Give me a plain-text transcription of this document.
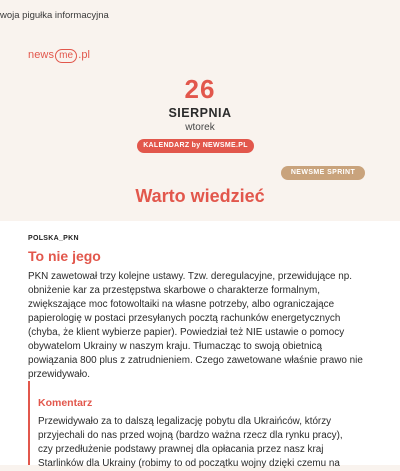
woja pigułka informacyjna
news me .pl
26
SIERPNIA
wtorek
KALENDARZ by NEWSME.PL
NEWSME SPRINT
Warto wiedzieć
POLSKA_PKN
To nie jego
PKN zawetował trzy kolejne ustawy. Tzw. deregulacyjne, przewidujące np.
obniżenie kar za przestępstwa skarbowe o charakterze formalnym,
zwiększające moc fotowoltaiki na własne potrzeby, albo ograniczające
papierologię w postaci przesyłanych pocztą rachunków energetycznych
(chyba, że klient wybierze papier). Powiedział też NIE ustawie o pomocy
obywatelom Ukrainy w naszym kraju. Tłumacząc to swoją obietnicą
powiązania 800 plus z zatrudnieniem. Czego zawetowane właśnie prawo nie
przewidywało.
Komentarz
Przewidywało za to dalszą legalizację pobytu dla Ukraińców, którzy
przyjechali do nas przed wojną (bardzo ważna rzecz dla rynku pracy),
czy przedłużenie podstawy prawnej dla opłacania przez nasz kraj
Starlinków dla Ukrainy (robimy to od początku wojny dzięki czemu na
